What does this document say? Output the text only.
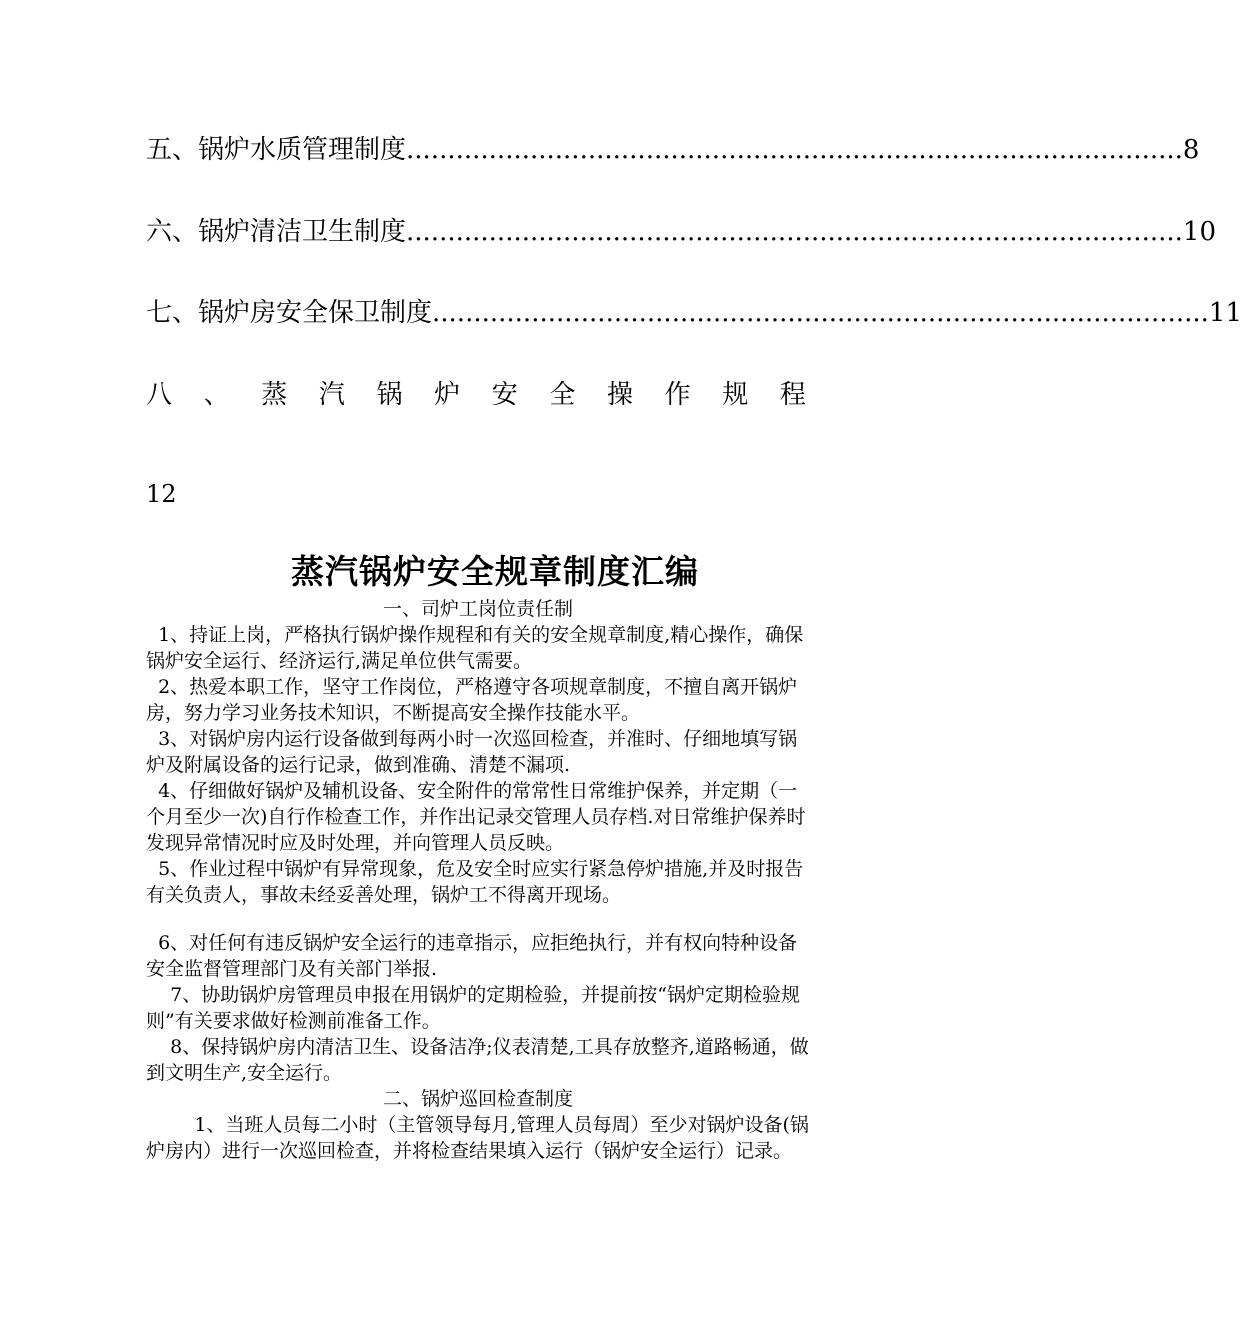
五、锅炉水质管理制度 .............................................................................................. 8
六、锅炉清洁卫生制度 .............................................................................................. 10
七、锅炉房安全保卫制度 .............................................................................................. 11
八 、 蒸 汽 锅 炉 安 全 操 作 规 程
12
蒸汽锅炉安全规章制度汇编

一、司炉工岗位责任制

1、持证上岗，严格执行锅炉操作规程和有关的安全规章制度,精心操作，确保锅炉安全运行、经济运行,满足单位供气需要。

2、热爱本职工作，坚守工作岗位，严格遵守各项规章制度，不擅自离开锅炉房，努力学习业务技术知识，不断提高安全操作技能水平。

3、对锅炉房内运行设备做到每两小时一次巡回检查，并准时、仔细地填写锅炉及附属设备的运行记录，做到准确、清楚不漏项.

4、仔细做好锅炉及辅机设备、安全附件的常常性日常维护保养，并定期（一个月至少一次)自行作检查工作，并作出记录交管理人员存档.对日常维护保养时发现异常情况时应及时处理，并向管理人员反映。

5、作业过程中锅炉有异常现象，危及安全时应实行紧急停炉措施,并及时报告有关负责人，事故未经妥善处理，锅炉工不得离开现场。

6、对任何有违反锅炉安全运行的违章指示，应拒绝执行，并有权向特种设备安全监督管理部门及有关部门举报.

7、协助锅炉房管理员申报在用锅炉的定期检验，并提前按“锅炉定期检验规则”有关要求做好检测前准备工作。

8、保持锅炉房内清洁卫生、设备洁净;仪表清楚,工具存放整齐,道路畅通，做到文明生产,安全运行。

二、锅炉巡回检查制度

1、当班人员每二小时（主管领导每月,管理人员每周）至少对锅炉设备(锅炉房内）进行一次巡回检查，并将检查结果填入运行（锅炉安全运行）记录。
